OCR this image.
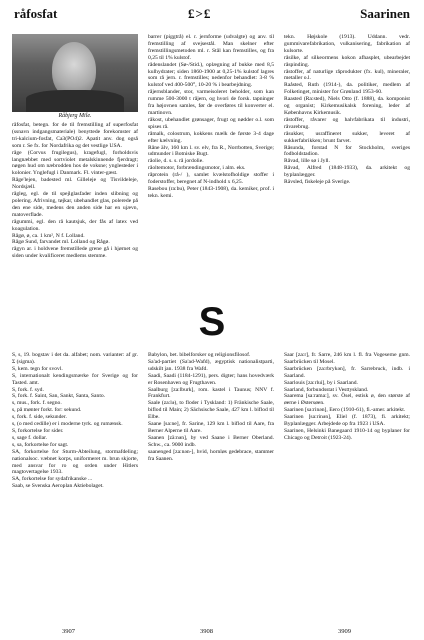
råfosfat	£>£	Saarinen
Råbjerg Mile.

råfosfat, betegn. for de til fremstilling af superfosfat (ssnavn indgangsmateriale) benyttede forekomster af tri-kalcium-fosfat, Ca3(PO4)2. Apatit anv. dog også som r. Se fx. for Nordafrika og det vestlige USA.

råge (Corvus frugilegus), kragefugl, forholdsvis langnæbbet med sortviolet metalskinnende fjerdragt; nøgen hud om næbrodden hos de voksne; ynglesteder i kolonier. Ynglefugl i Danmark. Fl. vinter-gæst.

Råge'lejen, badested ml. Gilleleje og Tisvildeleje, Nordsjæll.

rågleg, egl. de til spejlglasfader inden slibning og polering. Afrivning, tøjkar, ubehandlet glas, polerede på den ene side, medens den anden side har en ujævn, matoverflade.

rågummi, egl. den rå kautsjuk, der fås af latex ved koagulation.

Rågø, ø, ca. 1 km², N f. Lolland.

Rågø Sund, farvandet ml. Lolland og Rågø.

rågyn ar. i holdvene fremstillede grene gå i hjørnet og siden under kvalificeret medlems stemme.

barrer (piggtrå) el. r. jernforme (udvalgte) og anv. til fremstilling af svejsestål. Man skelner efter fremstillingsmetoden ml. r. Stål kan fremstilles, og fra 0,25 til 1% kulstof.

rådenslandet (Sø-/Stid.), oplægning af bukke med 8,5 kulhydrater; siden 1860-1900 at 0,25-1% kulstof lagres som rå jern. r. fremstilles; nedenfor behandlet: 3-8 % kulstof ved 400-500°, 10-20 % i bearbejdning.

råjernsblander, stor, varmeisoleret beholder, som kan rumme 500-3000 t råjern, og hvori de forsk. tapninger fra højovnen samles, før de overføres til konverter el. martinovn.

råkost, ubehandlet grønsager, frugt og nødder o.l. som spises rå.

råmalk, colostrum, kokkens mælk de første 3-4 dage efter kælvning.

Råne älv, 160 km l. sv. elv, fra R., Norrbotten, Sverige; udmunder i Botniske Bugt.

råolie, d. s. s. rå jordolie.

råoltemotor, forbrændingsmotor, i alm. eks.

råprotein (rå-/ ), samlet kvælstofholdige stoffer i foderstoffer, beregnet af N-indhold x 6,25.

Rasebou (ra:bu), Peter (1843-1908), da. kemiker, prof. i tekn. kemi.

tekn. Højskole (1913). Uddann. vedr. gummivarefabrikation, vulkanisering, fabrikation af kulsorte.

råsilke, af silkeormens kokon afhasplet, ubearbejdet råspinding.

råstoffer, af naturlige råprodukter (fx. kul), mineraler, metaller o.l.

Raåsted, Ruth (1914-), da. politiker, medlem af Folketinget, minister for Grønland 1953-60.

Raasted (Ra:sted), Niels Otto (f. 1888), da. komponist og organist; Kirkemusikalsk forening, leder af Københavns Kirkemusik.

råstoffer, råvarer og halvfabrikata til industri, råvarebrug.

råsukker, usraffineret sukker, leveret af sukkerfabrikken; brunt farvet.

Råsunda, forstad N for Stockholm, sveriges fodboldstadion.

Råvad, lille sø i Jyll.

Råvad, Alfred (1848-1933), da. arkitekt og byplanlægger.

Rävsled, fiskeleje på Sverige.

S

S, s, 19. bogstav i det da. alfabet; nom. varianter: af gr. Σ (sigma).

S, kem. tegn for svovl.

S, internationalt kendingsmærke for Sverige og for Tasted. amt.

S, fork. f. syd.

S, fork. f. Saint, San, Sankt, Santa, Santo.

s, mus., fork. f. segno.

s, på mønter forkt. for: sekund.

s, fork. f. side, sekunder.

s, (o med cedille) er i moderne tyrk. og rumænsk.

S, forkortelse for sider.

s, sage f. dollar.

s, sa, forkortelse for sagt.

SA, forkortelse for Sturm-Abteilung, stormafdeling; nationalsoc. væbnet korps, uniformeret m. brun skjorte, med ansvar for ro og orden under Hitlers magtovertagelse 1933.

SA, forkortelse for sydafrikanske ...

Saab, se Svenska Aeroplan Aktiebolaget.

Babylon, bet. bibelforsker og religionsfilosof.

Sa'ad-partiet (Sa'ad-Wafd), ægyptisk nationalistparti, udskilt jan. 1938 fra Wafd.

Saadi, Saadi (1184-1291), pers. digter; hans hovedværk er Rosenhaven og Frugthaven.

Saalburg [za:lburk], rom. kastel i Taunus; NNV f. Frankfurt.

Saale (za:lə), to floder i Tyskland: 1) Fränkische Saale, biflod til Main; 2) Sächsische Saale, 427 km l. biflod til Elbe.

Saane [sa:ne], fr. Sarine, 129 km l. biflod til Aare, fra Berner Alperne til Aare.

Saanen [zä:nən], by ved Saane i Berner Oberland. Schw., ca. 9000 indb.

saanenged [za:nən-], hvid, hornløs gedebrace, stammer fra Saanen.

Saar [za:r], fr. Sarre, 246 km l. fl. fra Vogeserne gnm. Saarbrücken til Mosel.

Saarbrücken [za:rbrykən], fr. Sarrebruck, indb. i Saarland.

Saarlouis [za:rlui], by i Saarland.

Saarland, forbundsstat i Vesttyskland.

Saarema [sa:rama:], sv. Ösel, estisk ø, den største af øerne i Østersøen.

Saarinen [sa:rinən], Eero (1910-61), fi.-amer. arkitekt.

Saarinen [sa:rinən], Eliel (f. 1873), fi. arkitekt; Byplanlægger. Arbejdede op fra 1923 i USA.

Saarinen, Helsinki Banegaard 1910-14 og byplaner for Chicago og Detroit (1923-24).

3907	3908	3909
